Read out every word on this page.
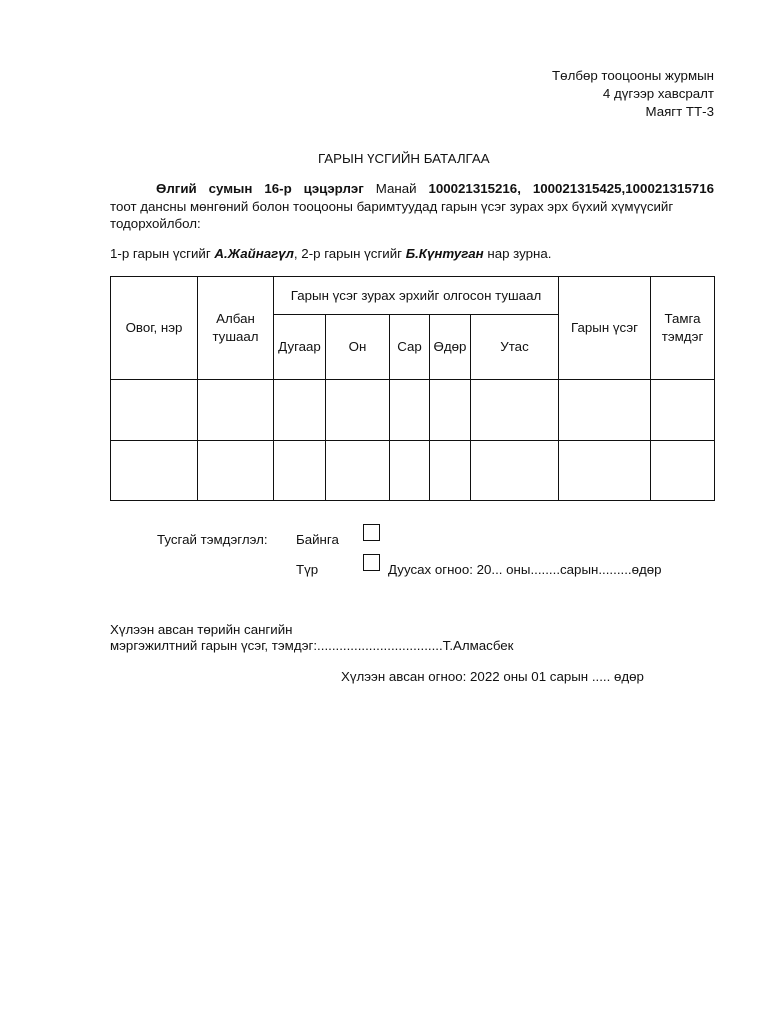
Төлбөр тооцооны журмын
4 дүгээр хавсралт
Маягт ТТ-3
ГАРЫН ҮСГИЙН БАТАЛГАА
Өлгий сумын 16-р цэцэрлэг Манай 100021315216, 100021315425,100021315716
тоот дансны мөнгөний болон тооцооны баримтуудад гарын үсэг зурах эрх бүхий хүмүүсийг
тодорхойлбол:
1-р гарын үсгийг А.Жайнагүл, 2-р гарын үсгийг Б.Күнтуган нар зурна.
Овог, нэр	Албан тушаал	Гарын үсэг зурах эрхийг олгосон тушаал					Гарын үсэг	Тамга тэмдэг
		Дугаар	Он	Сар	Өдөр	Утас		

Тусгай тэмдэглэл: Байнга
Түр	Дуусах огноо: 20... оны........сарын.........өдөр
Хүлээн авсан төрийн сангийн
мэргэжилтний гарын үсэг, тэмдэг:..................................Т.Алмасбек
Хүлээн авсан огноо: 2022 оны 01 сарын ..... өдөр
